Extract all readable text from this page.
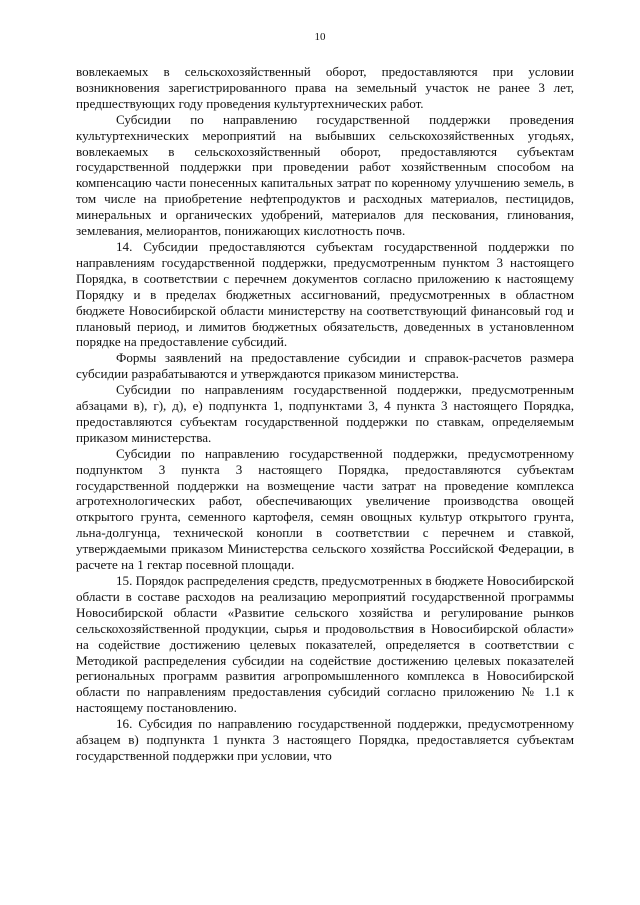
10

вовлекаемых в сельскохозяйственный оборот, предоставляются при условии возникновения зарегистрированного права на земельный участок не ранее 3 лет, предшествующих году проведения культуртехнических работ.

Субсидии по направлению государственной поддержки проведения культуртехнических мероприятий на выбывших сельскохозяйственных угодьях, вовлекаемых в сельскохозяйственный оборот, предоставляются субъектам государственной поддержки при проведении работ хозяйственным способом на компенсацию части понесенных капитальных затрат по коренному улучшению земель, в том числе на приобретение нефтепродуктов и расходных материалов, пестицидов, минеральных и органических удобрений, материалов для пескования, глинования, землевания, мелиорантов, понижающих кислотность почв.

14. Субсидии предоставляются субъектам государственной поддержки по направлениям государственной поддержки, предусмотренным пунктом 3 настоящего Порядка, в соответствии с перечнем документов согласно приложению к настоящему Порядку и в пределах бюджетных ассигнований, предусмотренных в областном бюджете Новосибирской области министерству на соответствующий финансовый год и плановый период, и лимитов бюджетных обязательств, доведенных в установленном порядке на предоставление субсидий.

Формы заявлений на предоставление субсидии и справок-расчетов размера субсидии разрабатываются и утверждаются приказом министерства.

Субсидии по направлениям государственной поддержки, предусмотренным абзацами в), г), д), е) подпункта 1, подпунктами 3, 4 пункта 3 настоящего Порядка, предоставляются субъектам государственной поддержки по ставкам, определяемым приказом министерства.

Субсидии по направлению государственной поддержки, предусмотренному подпунктом 3 пункта 3 настоящего Порядка, предоставляются субъектам государственной поддержки на возмещение части затрат на проведение комплекса агротехнологических работ, обеспечивающих увеличение производства овощей открытого грунта, семенного картофеля, семян овощных культур открытого грунта, льна-долгунца, технической конопли в соответствии с перечнем и ставкой, утверждаемыми приказом Министерства сельского хозяйства Российской Федерации, в расчете на 1 гектар посевной площади.

15. Порядок распределения средств, предусмотренных в бюджете Новосибирской области в составе расходов на реализацию мероприятий государственной программы Новосибирской области «Развитие сельского хозяйства и регулирование рынков сельскохозяйственной продукции, сырья и продовольствия в Новосибирской области» на содействие достижению целевых показателей, определяется в соответствии с Методикой распределения субсидии на содействие достижению целевых показателей региональных программ развития агропромышленного комплекса в Новосибирской области по направлениям предоставления субсидий согласно приложению № 1.1 к настоящему постановлению.

16. Субсидия по направлению государственной поддержки, предусмотренному абзацем в) подпункта 1 пункта 3 настоящего Порядка, предоставляется субъектам государственной поддержки при условии, что
